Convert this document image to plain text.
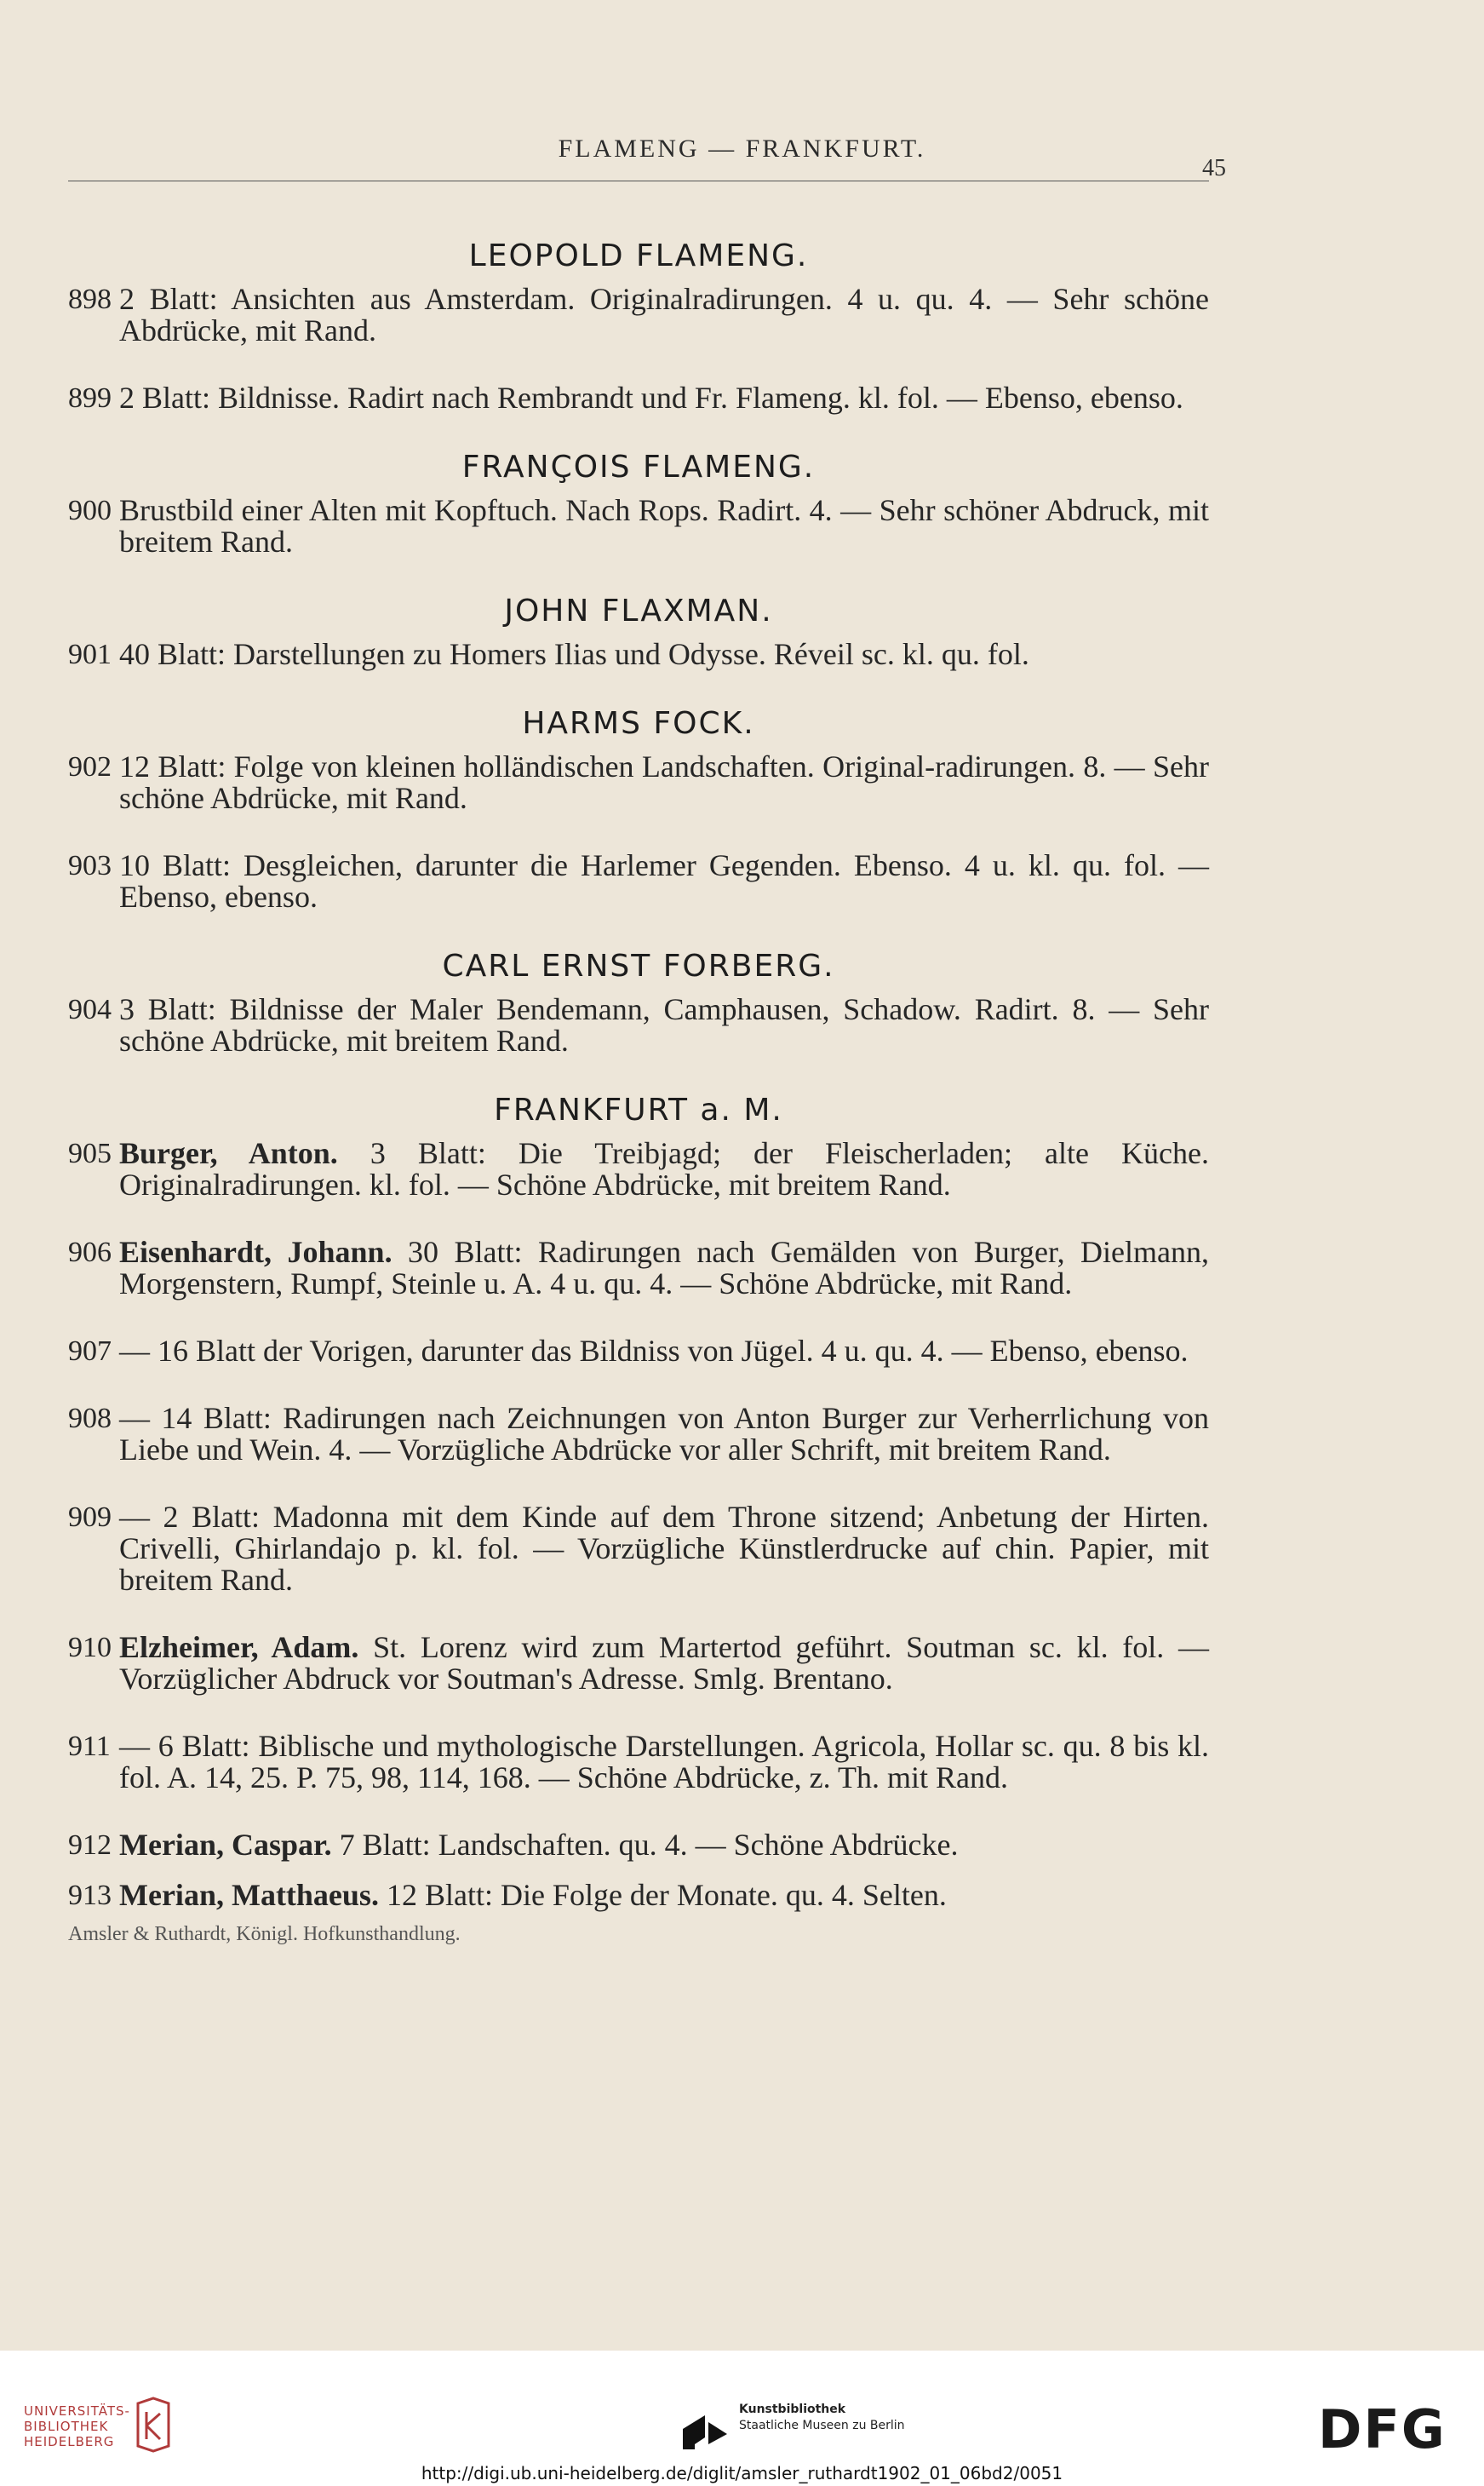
FLAMENG — FRANKFURT.
45
LEOPOLD FLAMENG.
898 2 Blatt: Ansichten aus Amsterdam. Originalradirungen. 4 u. qu. 4. — Sehr schöne Abdrücke, mit Rand.
899 2 Blatt: Bildnisse. Radirt nach Rembrandt und Fr. Flameng. kl. fol. — Ebenso, ebenso.
FRANÇOIS FLAMENG.
900 Brustbild einer Alten mit Kopftuch. Nach Rops. Radirt. 4. — Sehr schöner Abdruck, mit breitem Rand.
JOHN FLAXMAN.
901 40 Blatt: Darstellungen zu Homers Ilias und Odysse. Réveil sc. kl. qu. fol.
HARMS FOCK.
902 12 Blatt: Folge von kleinen holländischen Landschaften. Original-radirungen. 8. — Sehr schöne Abdrücke, mit Rand.
903 10 Blatt: Desgleichen, darunter die Harlemer Gegenden. Ebenso. 4 u. kl. qu. fol. — Ebenso, ebenso.
CARL ERNST FORBERG.
904 3 Blatt: Bildnisse der Maler Bendemann, Camphausen, Schadow. Radirt. 8. — Sehr schöne Abdrücke, mit breitem Rand.
FRANKFURT a. M.
905 Burger, Anton. 3 Blatt: Die Treibjagd; der Fleischerladen; alte Küche. Originalradirungen. kl. fol. — Schöne Abdrücke, mit breitem Rand.
906 Eisenhardt, Johann. 30 Blatt: Radirungen nach Gemälden von Burger, Dielmann, Morgenstern, Rumpf, Steinle u. A. 4 u. qu. 4. — Schöne Abdrücke, mit Rand.
907 — 16 Blatt der Vorigen, darunter das Bildniss von Jügel. 4 u. qu. 4. — Ebenso, ebenso.
908 — 14 Blatt: Radirungen nach Zeichnungen von Anton Burger zur Verherrlichung von Liebe und Wein. 4. — Vorzügliche Abdrücke vor aller Schrift, mit breitem Rand.
909 — 2 Blatt: Madonna mit dem Kinde auf dem Throne sitzend; Anbetung der Hirten. Crivelli, Ghirlandajo p. kl. fol. — Vorzügliche Künstlerdrucke auf chin. Papier, mit breitem Rand.
910 Elzheimer, Adam. St. Lorenz wird zum Martertod geführt. Soutman sc. kl. fol. — Vorzüglicher Abdruck vor Soutman's Adresse. Smlg. Brentano.
911 — 6 Blatt: Biblische und mythologische Darstellungen. Agricola, Hollar sc. qu. 8 bis kl. fol. A. 14, 25. P. 75, 98, 114, 168. — Schöne Abdrücke, z. Th. mit Rand.
912 Merian, Caspar. 7 Blatt: Landschaften. qu. 4. — Schöne Abdrücke.
913 Merian, Matthaeus. 12 Blatt: Die Folge der Monate. qu. 4. Selten.
Amsler & Ruthardt, Königl. Hofkunsthandlung.
UNIVERSITÄTS-
BIBLIOTHEK
HEIDELBERG
Kunstbibliothek
Staatliche Museen zu Berlin	DFG
http://digi.ub.uni-heidelberg.de/diglit/amsler_ruthardt1902_01_06bd2/0051
